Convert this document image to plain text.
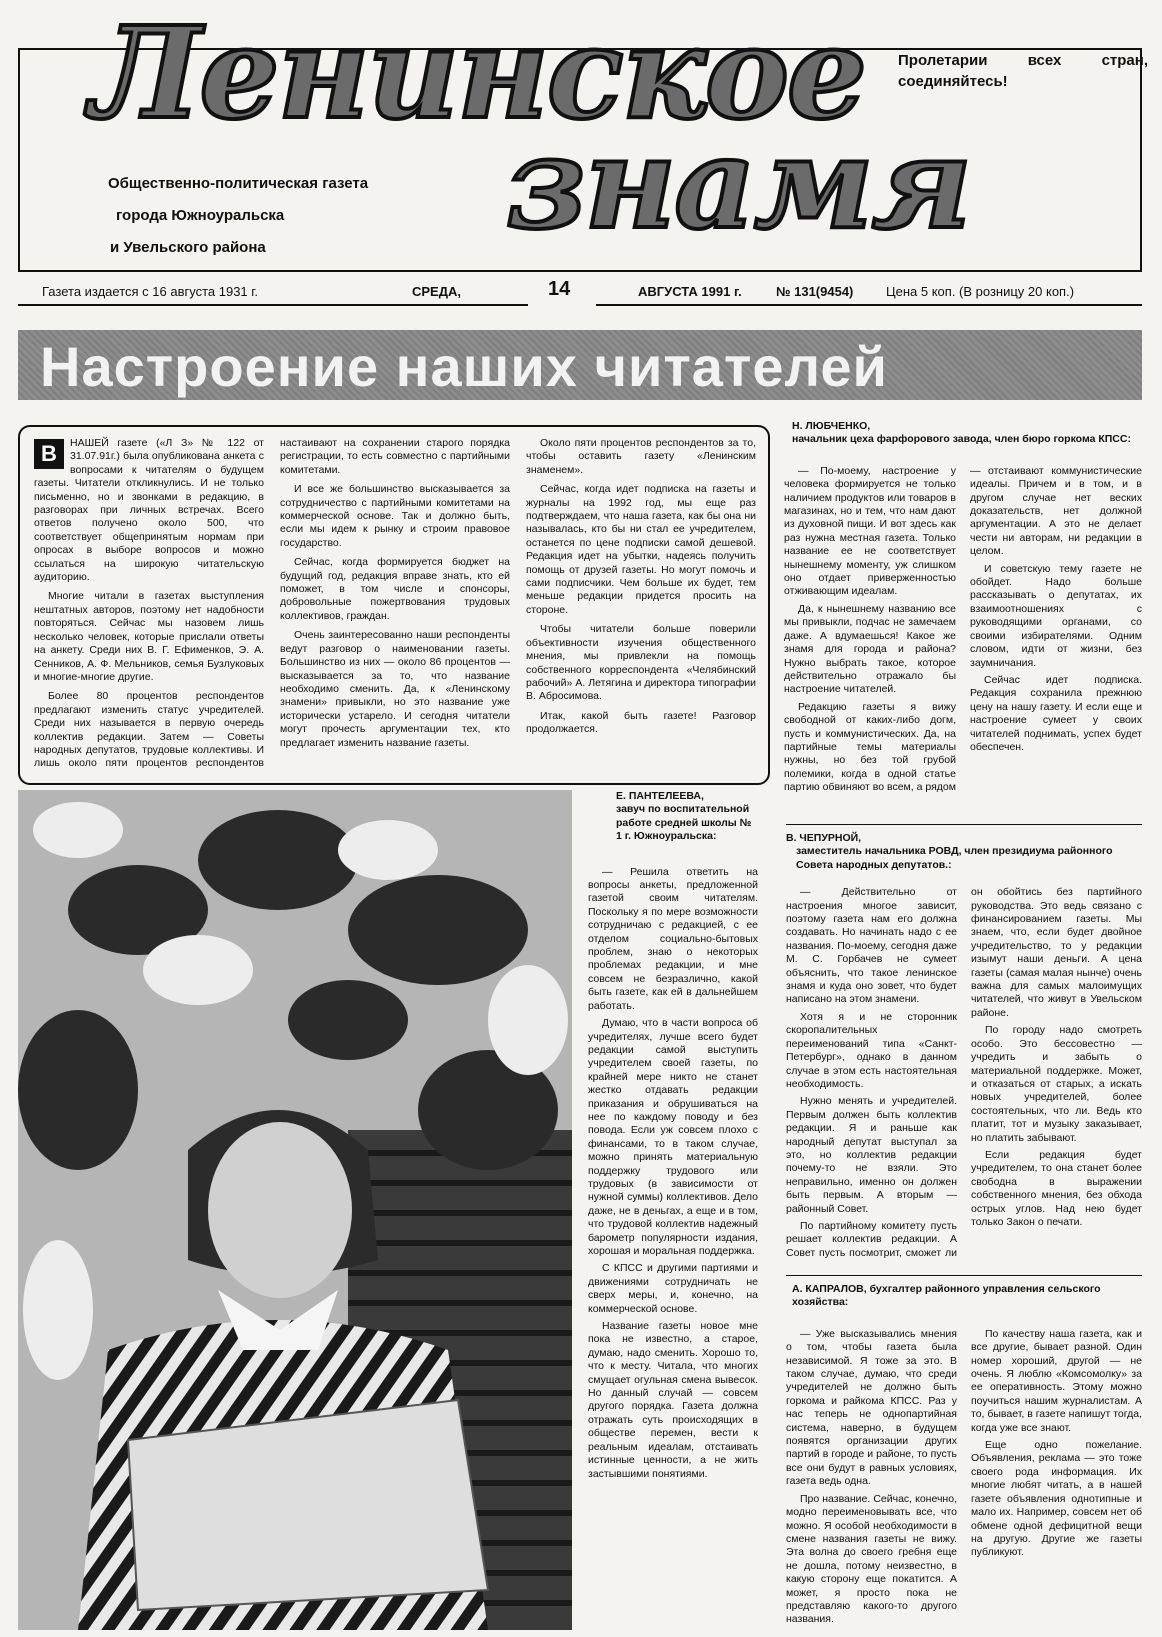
Ленинское
знамя
Пролетарии всех стран, соединяйтесь!
Общественно-политическая газета
города Южноуральска
и Увельского района
Газета издается с 16 августа 1931 г.	СРЕДА,	14	АВГУСТА 1991 г.	№ 131(9454)	Цена 5 коп. (В розницу 20 коп.)
Настроение наших читателей

В	НАШЕЙ газете («Л З» № 122 от 31.07.91г.) была опубликована анкета с вопросами к читателям о будущем газеты. Читатели откликнулись. И не только письменно, но и звонками в редакцию, в разговорах при личных встречах. Всего ответов получено около 500, что соответствует общепринятым нормам при опросах в выборе вопросов и можно ссылаться на широкую читательскую аудиторию.

Многие читали в газетах выступления нештатных авторов, поэтому нет надобности повторяться. Сейчас мы назовем лишь несколько человек, которые прислали ответы на анкету. Среди них В. Г. Ефименков, Э. А. Сенников, А. Ф. Мельников, семья Бузлуковых и многие-многие другие.

Более 80 процентов респондентов предлагают изменить статус учредителей. Среди них называется в первую очередь коллектив редакции. Затем — Советы народных депутатов, трудовые коллективы. И лишь около пяти процентов респондентов настаивают на сохранении старого порядка регистрации, то есть совместно с партийными комитетами.

И все же большинство высказывается за сотрудничество с партийными комитетами на коммерческой основе. Так и должно быть, если мы идем к рынку и строим правовое государство.

Сейчас, когда формируется бюджет на будущий год, редакция вправе знать, кто ей поможет, в том числе и спонсоры, добровольные пожертвования трудовых коллективов, граждан.

Очень заинтересованно наши респонденты ведут разговор о наименовании газеты. Большинство из них — около 86 процентов — высказывается за то, что название необходимо сменить. Да, к «Ленинскому знамени» привыкли, но это название уже исторически устарело. И сегодня читатели могут прочесть аргументации тех, кто предлагает изменить название газеты.

Около пяти процентов респондентов за то, чтобы оставить газету «Ленинским знаменем».

Сейчас, когда идет подписка на газеты и журналы на 1992 год, мы еще раз подтверждаем, что наша газета, как бы она ни называлась, кто бы ни стал ее учредителем, останется по цене подписки самой дешевой. Редакция идет на убытки, надеясь получить помощь от друзей газеты. Но могут помочь и сами подписчики. Чем больше их будет, тем меньше редакции придется просить на стороне.

Чтобы читатели больше поверили объективности изучения общественного мнения, мы привлекли на помощь собственного корреспондента «Челябинский рабочий» А. Летягина и директора типографии В. Абросимова.

Итак, какой быть газете! Разговор продолжается.

Н. ЛЮБЧЕНКО,
начальник цеха фарфорового завода, член бюро горкома КПСС:

— По-моему, настроение у человека формируется не только наличием продуктов или товаров в магазинах, но и тем, что нам дают из духовной пищи. И вот здесь как раз нужна местная газета. Только название ее не соответствует нынешнему моменту, уж слишком оно отдает приверженностью отживающим идеалам.

Да, к нынешнему названию все мы привыкли, подчас не замечаем даже. А вдумаешься! Какое же знамя для города и района? Нужно выбрать такое, которое действительно отражало бы настроение читателей.

Редакцию газеты я вижу свободной от каких-либо догм, пусть и коммунистических. Да, на партийные темы материалы нужны, но без той грубой полемики, когда в одной статье партию обвиняют во всем, а рядом — отстаивают коммунистические идеалы. Причем и в том, и в другом случае нет веских доказательств, нет должной аргументации. А это не делает чести ни авторам, ни редакции в целом.

И советскую тему газете не обойдет. Надо больше рассказывать о депутатах, их взаимоотношениях с руководящими органами, со своими избирателями. Одним словом, идти от жизни, без заумничания.

Сейчас идет подписка. Редакция сохранила прежнюю цену на нашу газету. И если еще и настроение сумеет у своих читателей поднимать, успех будет обеспечен.

Е. ПАНТЕЛЕЕВА,
завуч по воспитательной работе средней школы № 1 г. Южноуральска:

— Решила ответить на вопросы анкеты, предложенной газетой своим читателям. Поскольку я по мере возможности сотрудничаю с редакцией, с ее отделом социально-бытовых проблем, знаю о некоторых проблемах редакции, и мне совсем не безразлично, какой быть газете, как ей в дальнейшем работать.

Думаю, что в части вопроса об учредителях, лучше всего будет редакции самой выступить учредителем своей газеты, по крайней мере никто не станет жестко отдавать редакции приказания и обрушиваться на нее по каждому поводу и без повода. Если уж совсем плохо с финансами, то в таком случае, можно принять материальную поддержку трудового или трудовых (в зависимости от нужной суммы) коллективов. Дело даже, не в деньгах, а еще и в том, что трудовой коллектив надежный барометр популярности издания, хорошая и моральная поддержка.

С КПСС и другими партиями и движениями сотрудничать не сверх меры, и, конечно, на коммерческой основе.

Название газеты новое мне пока не известно, а старое, думаю, надо сменить. Хорошо то, что к месту. Читала, что многих смущает огульная смена вывесок. Но данный случай — совсем другого порядка. Газета должна отражать суть происходящих в обществе перемен, вести к реальным идеалам, отстаивать истинные ценности, а не жить застывшими понятиями.

В. ЧЕПУРНОЙ,
заместитель начальника РОВД, член президиума районного Совета народных депутатов.:

— Действительно от настроения многое зависит, поэтому газета нам его должна создавать. Но начинать надо с ее названия. По-моему, сегодня даже М. С. Горбачев не сумеет объяснить, что такое ленинское знамя и куда оно зовет, что будет написано на этом знамени.

Хотя я и не сторонник скоропалительных переименований типа «Санкт-Петербург», однако в данном случае в этом есть настоятельная необходимость.

Нужно менять и учредителей. Первым должен быть коллектив редакции. Я и раньше как народный депутат выступал за это, но коллектив редакции почему-то не взяли. Это неправильно, именно он должен быть первым. А вторым — районный Совет.

По партийному комитету пусть решает коллектив редакции. А Совет пусть посмотрит, сможет ли он обойтись без партийного руководства. Это ведь связано с финансированием газеты. Мы знаем, что, если будет двойное учредительство, то у редакции изымут наши деньги. А цена газеты (самая малая нынче) очень важна для самых малоимущих читателей, что живут в Увельском районе.

По городу надо смотреть особо. Это бессовестно — учредить и забыть о материальной поддержке. Может, и отказаться от старых, а искать новых учредителей, более состоятельных, что ли. Ведь кто платит, тот и музыку заказывает, но платить забывают.

Если редакция будет учредителем, то она станет более свободна в выражении собственного мнения, без обхода острых углов. Над нею будет только Закон о печати.

А. КАПРАЛОВ, бухгалтер районного управления сельского хозяйства:

— Уже высказывались мнения о том, чтобы газета была независимой. Я тоже за это. В таком случае, думаю, что среди учредителей не должно быть горкома и райкома КПСС. Раз у нас теперь не однопартийная система, наверно, в будущем появятся организации других партий в городе и районе, то пусть все они будут в равных условиях, газета ведь одна.

Про название. Сейчас, конечно, модно переименовывать все, что можно. Я особой необходимости в смене названия газеты не вижу. Эта волна до своего гребня еще не дошла, потому неизвестно, в какую сторону еще покатится. А может, я просто пока не представляю какого-то другого названия.

По качеству наша газета, как и все другие, бывает разной. Один номер хороший, другой — не очень. Я люблю «Комсомолку» за ее оперативность. Этому можно поучиться нашим журналистам. А то, бывает, в газете напишут тогда, когда уже все знают.

Еще одно пожелание. Объявления, реклама — это тоже своего рода информация. Их многие любят читать, а в нашей газете объявления однотипные и мало их. Например, совсем нет об обмене одной дефицитной вещи на другую. Другие же газеты публикуют.
